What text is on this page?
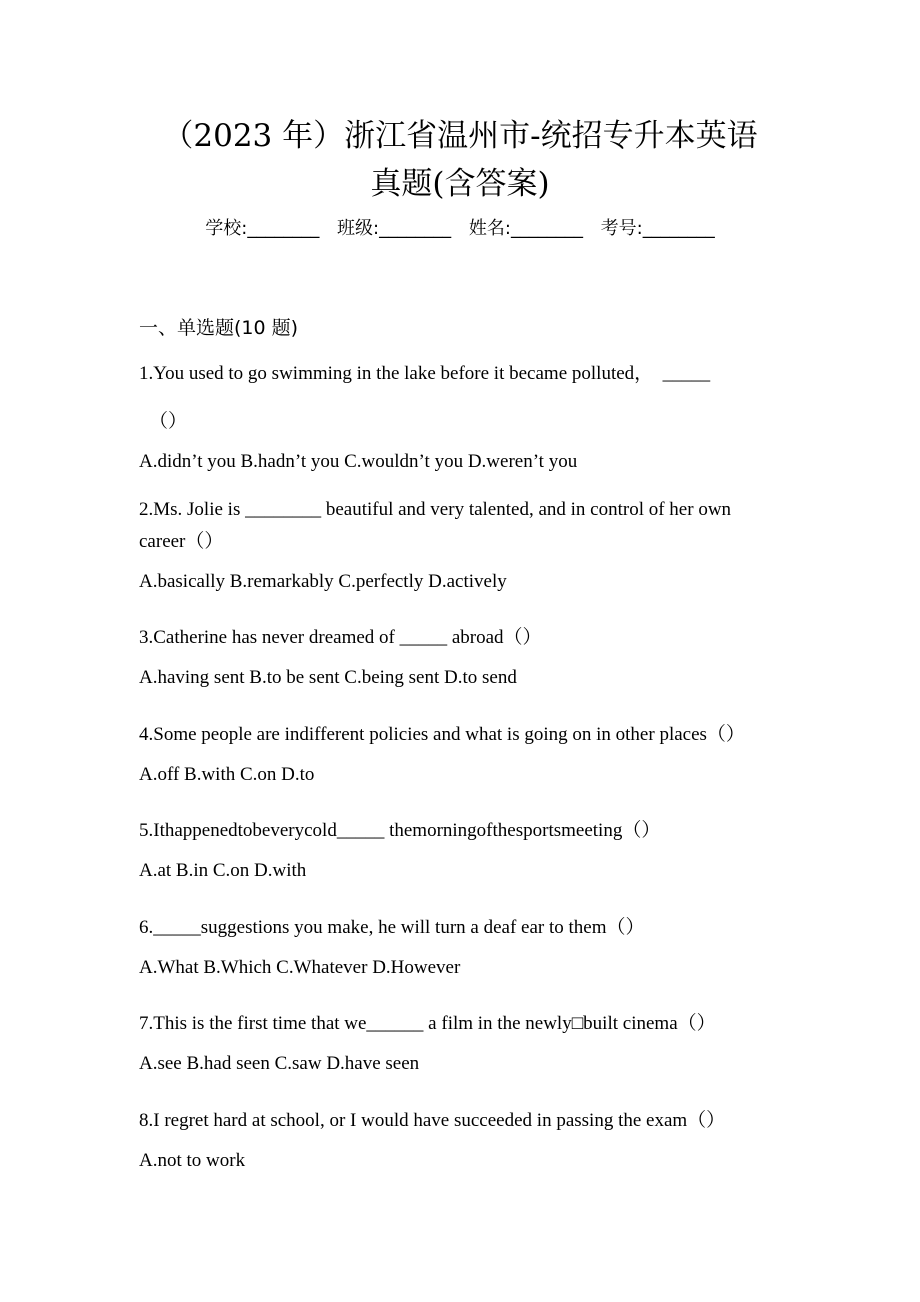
（2023 年）浙江省温州市-统招专升本英语
真题(含答案)
学校:________ 班级:________ 姓名:________ 考号:________
一、单选题(10 题)
1.You used to go swimming in the lake before it became polluted，　_____
（）
A.didn’t you B.hadn’t you C.wouldn’t you D.weren’t you
2.Ms. Jolie is ________ beautiful and very talented, and in control of her own
career（）
A.basically B.remarkably C.perfectly D.actively
3.Catherine has never dreamed of _____ abroad（）
A.having sent B.to be sent C.being sent D.to send
4.Some people are indifferent policies and what is going on in other places（）
A.off B.with C.on D.to
5.Ithappenedtobeverycold_____ themorningofthesportsmeeting（）
A.at B.in C.on D.with
6._____suggestions you make, he will turn a deaf ear to them（）
A.What B.Which C.Whatever D.However
7.This is the first time that we______ a film in the newly□built cinema（）
A.see B.had seen C.saw D.have seen
8.I regret hard at school, or I would have succeeded in passing the exam（）
A.not to work
